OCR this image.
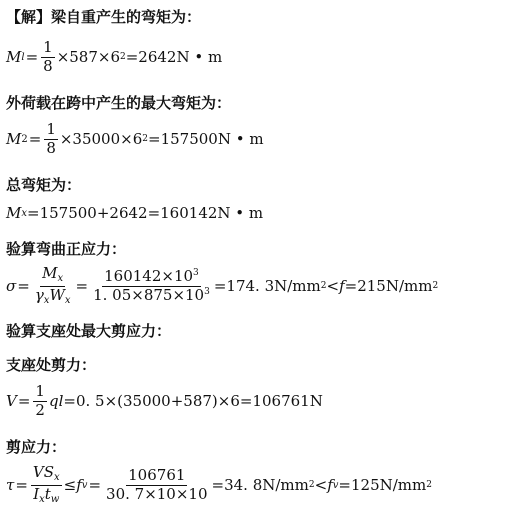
【解】梁自重产生的弯矩为：
M $l = \frac{1}{8} \times 587\times 6$ 2 =2642N • m
外荷载在跨中产生的最大弯矩为：
M $2 = \frac{1}{8} \times 35000\times 6$ 2 =157500N • m
总弯矩为：
M x =157500+2642=160142N • m
验算弯曲正应力：
$\sigma = \frac{M_x}{\gamma_xW_x} = \frac{160142\times 10^3}{1. 05\times 875\times 10^3} =174$. 3N/mm 2 < f =215N/mm 2
验算支座处最大剪应力：
支座处剪力：
$V = \frac{1}{2}$ ql =0. 5×(35000+587)×6=106761N
剪应力：
$\tau = \frac{VS_x}{I_xt_w} \le f$ $v = \frac{106761}{30. 7\times 10\times 10} =34$. 8N/mm 2 < f v =125N/mm 2
